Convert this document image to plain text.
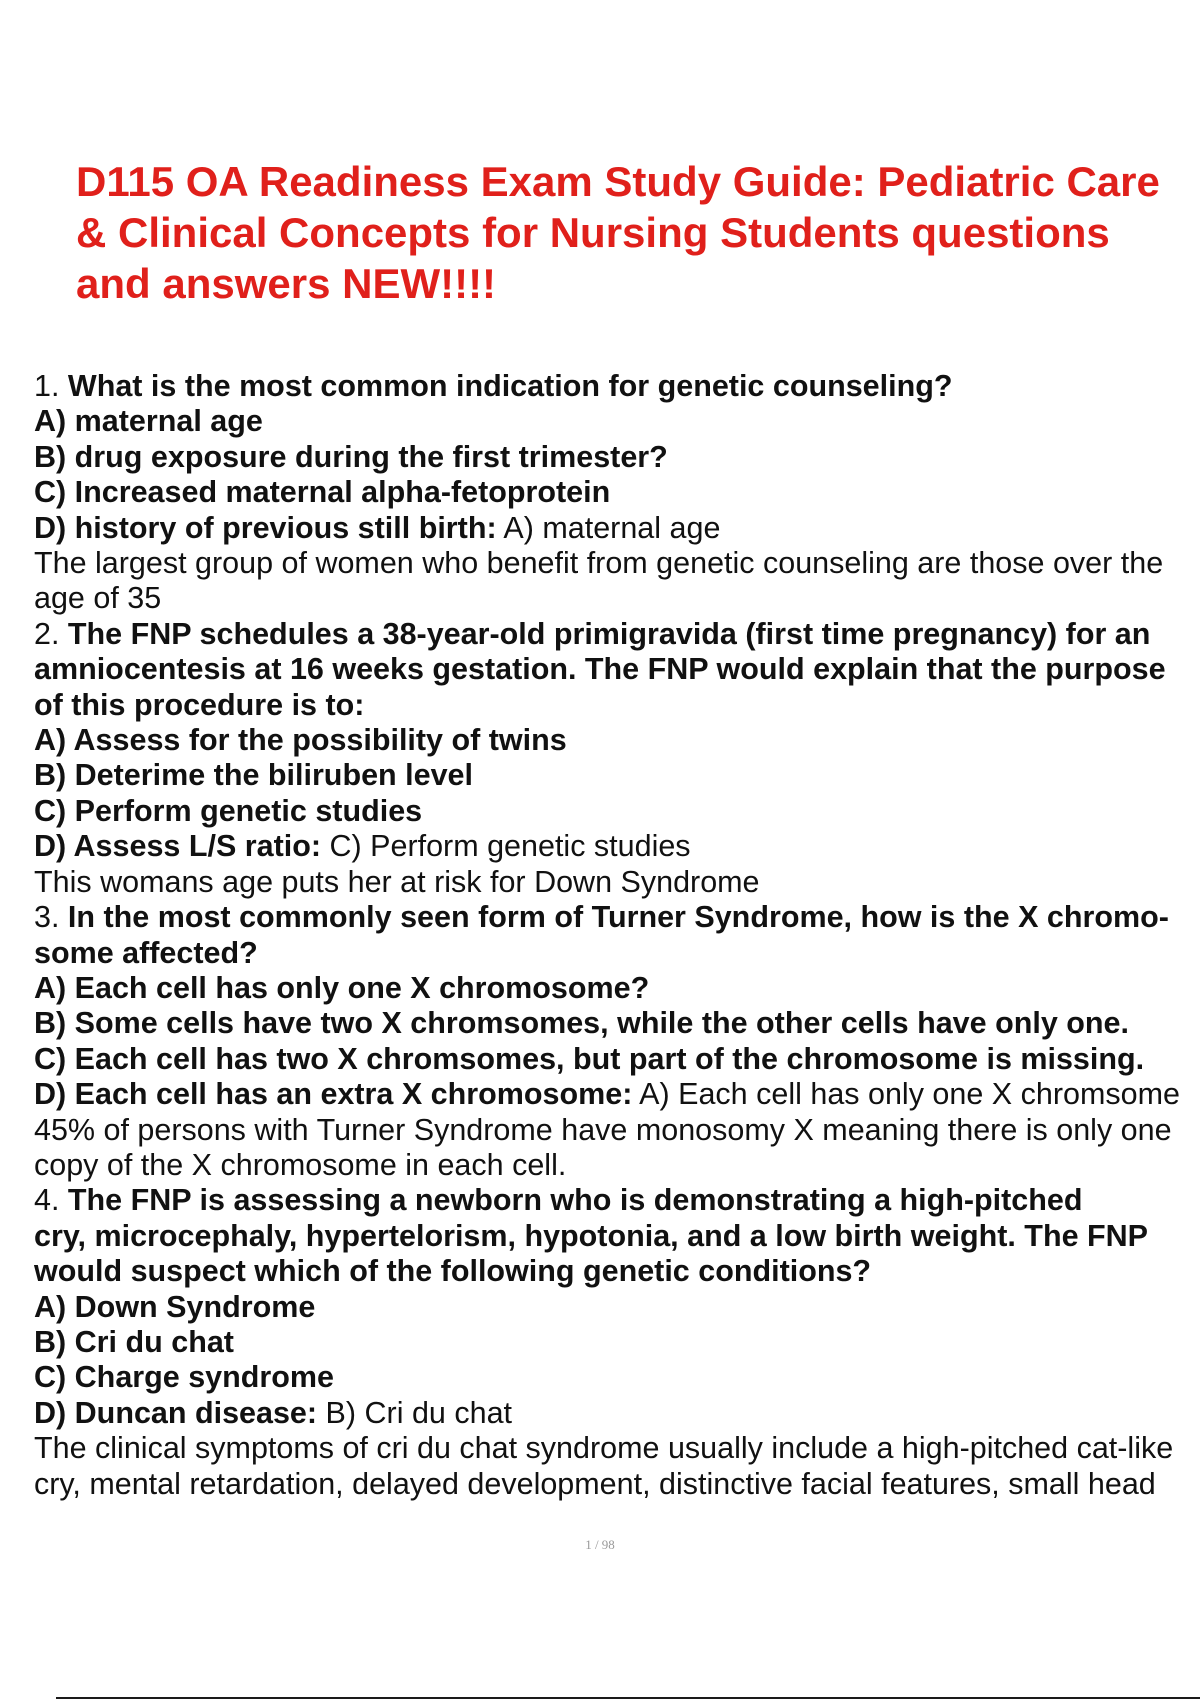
D115 OA Readiness Exam Study Guide: Pediatric Care
& Clinical Concepts for Nursing Students questions
and answers NEW!!!!
1. What is the most common indication for genetic counseling?
A) maternal age
B) drug exposure during the first trimester?
C) Increased maternal alpha-fetoprotein
D) history of previous still birth: A) maternal age
The largest group of women who benefit from genetic counseling are those over the
age of 35
2. The FNP schedules a 38-year-old primigravida (first time pregnancy) for an
amniocentesis at 16 weeks gestation. The FNP would explain that the purpose
of this procedure is to:
A) Assess for the possibility of twins
B) Deterime the biliruben level
C) Perform genetic studies
D) Assess L/S ratio: C) Perform genetic studies
This womans age puts her at risk for Down Syndrome
3. In the most commonly seen form of Turner Syndrome, how is the X chromo-
some affected?
A) Each cell has only one X chromosome?
B) Some cells have two X chromsomes, while the other cells have only one.
C) Each cell has two X chromsomes, but part of the chromosome is missing.
D) Each cell has an extra X chromosome: A) Each cell has only one X chromsome
45% of persons with Turner Syndrome have monosomy X meaning there is only one
copy of the X chromosome in each cell.
4. The FNP is assessing a newborn who is demonstrating a high-pitched
cry, microcephaly, hypertelorism, hypotonia, and a low birth weight. The FNP
would suspect which of the following genetic conditions?
A) Down Syndrome
B) Cri du chat
C) Charge syndrome
D) Duncan disease: B) Cri du chat
The clinical symptoms of cri du chat syndrome usually include a high-pitched cat-like
cry, mental retardation, delayed development, distinctive facial features, small head
1 / 98
